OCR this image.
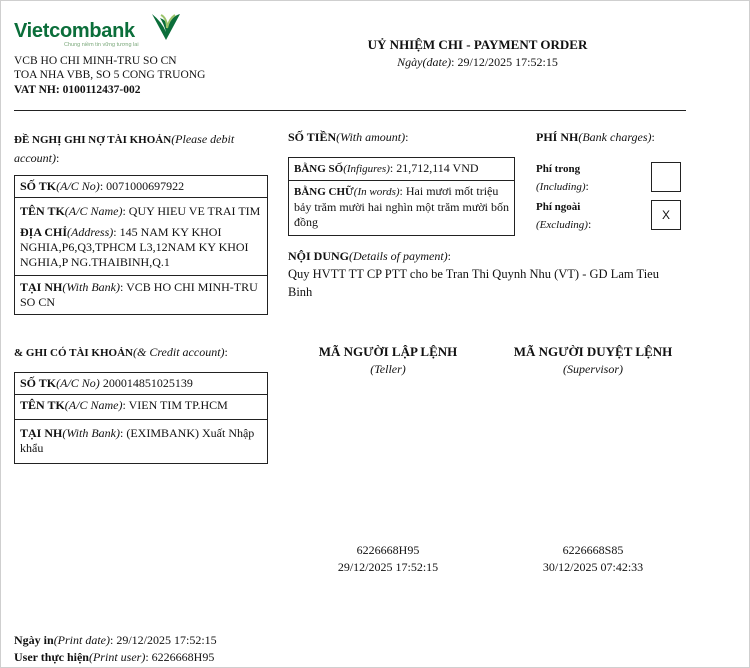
Vietcombank
Chung niềm tin vững tương lai
VCB HO CHI MINH-TRU SO CN
TOA NHA VBB, SO 5 CONG TRUONG
VAT NH: 0100112437-002
UỶ NHIỆM CHI - PAYMENT ORDER
Ngày(date): 29/12/2025 17:52:15
ĐỀ NGHỊ GHI NỢ TÀI KHOẢN(Please debit account):
SỐ TK(A/C No): 0071000697922
TÊN TK(A/C Name): QUY HIEU VE TRAI TIM
ĐỊA CHỈ(Address): 145 NAM KY KHOI NGHIA,P6,Q3,TPHCM L3,12NAM KY KHOI NGHIA,P NG.THAIBINH,Q.1
TẠI NH(With Bank): VCB HO CHI MINH-TRU SO CN
SỐ TIỀN(With amount):
BẰNG SỐ(Infigures): 21,712,114 VND
BẰNG CHỮ(In words): Hai mươi mốt triệu bảy trăm mười hai nghìn một trăm mười bốn đồng
PHÍ NH(Bank charges):
Phí trong
(Including):
Phí ngoài
(Excluding):
X
NỘI DUNG(Details of payment):
Quy HVTT TT CP PTT cho be Tran Thi Quynh Nhu (VT) - GD Lam Tieu Binh
& GHI CÓ TÀI KHOẢN(& Credit account):
SỐ TK(A/C No) 200014851025139
TÊN TK(A/C Name): VIEN TIM TP.HCM
TẠI NH(With Bank): (EXIMBANK) Xuất Nhập khẩu
MÃ NGƯỜI LẬP LỆNH
(Teller)
6226668H95
29/12/2025 17:52:15
MÃ NGƯỜI DUYỆT LỆNH
(Supervisor)
6226668S85
30/12/2025 07:42:33
Ngày in(Print date): 29/12/2025 17:52:15
User thực hiện(Print user): 6226668H95
